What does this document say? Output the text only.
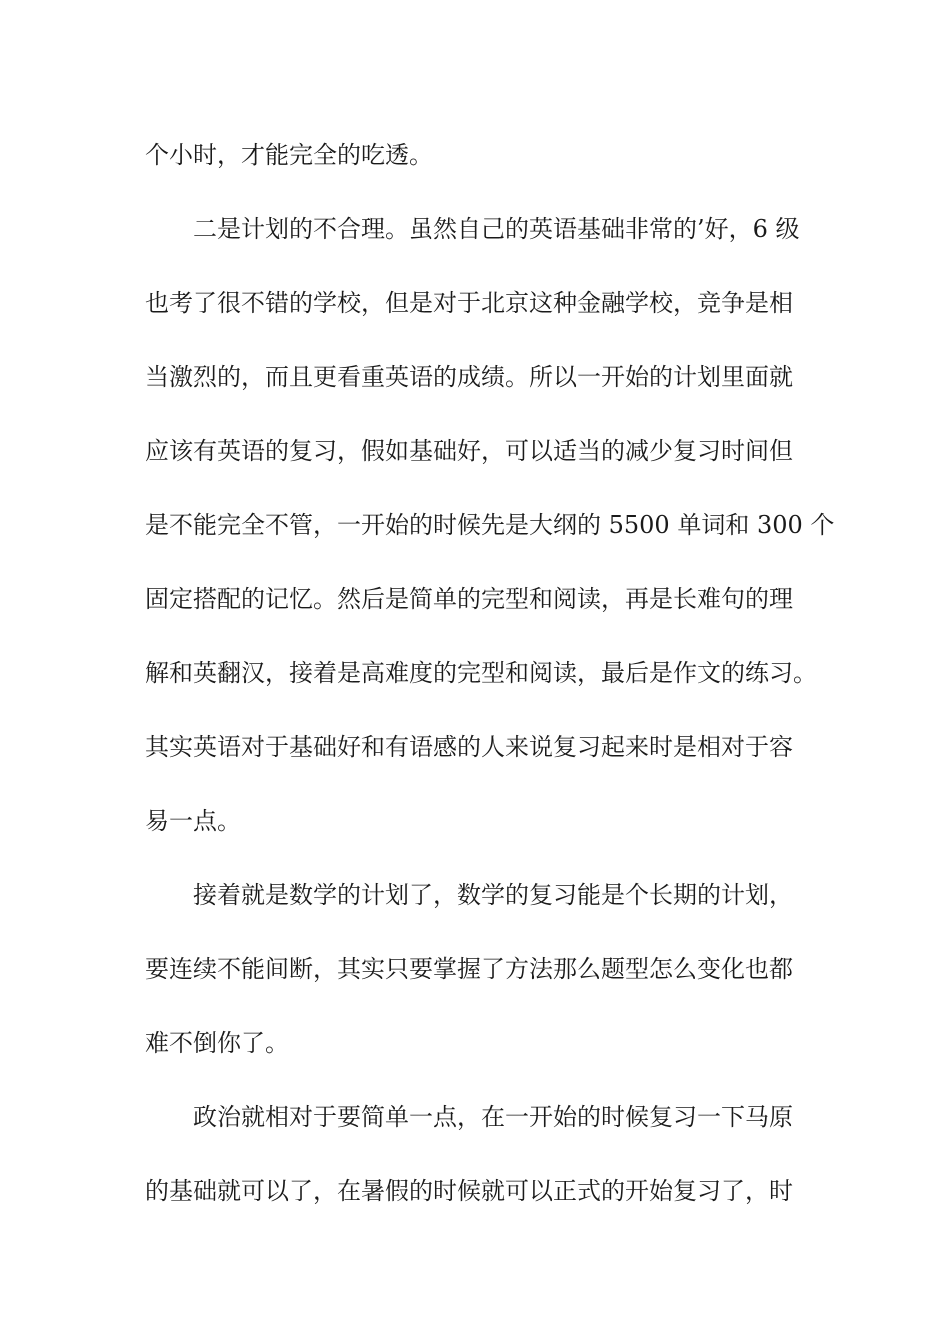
个小时，才能完全的吃透。
二是计划的不合理。虽然自己的英语基础非常的’好，6 级
也考了很不错的学校，但是对于北京这种金融学校，竞争是相
当激烈的，而且更看重英语的成绩。所以一开始的计划里面就
应该有英语的复习，假如基础好，可以适当的减少复习时间但
是不能完全不管，一开始的时候先是大纲的 5500 单词和 300 个
固定搭配的记忆。然后是简单的完型和阅读，再是长难句的理
解和英翻汉，接着是高难度的完型和阅读，最后是作文的练习。
其实英语对于基础好和有语感的人来说复习起来时是相对于容
易一点。
接着就是数学的计划了，数学的复习能是个长期的计划，
要连续不能间断，其实只要掌握了方法那么题型怎么变化也都
难不倒你了。
政治就相对于要简单一点，在一开始的时候复习一下马原
的基础就可以了，在暑假的时候就可以正式的开始复习了，时
